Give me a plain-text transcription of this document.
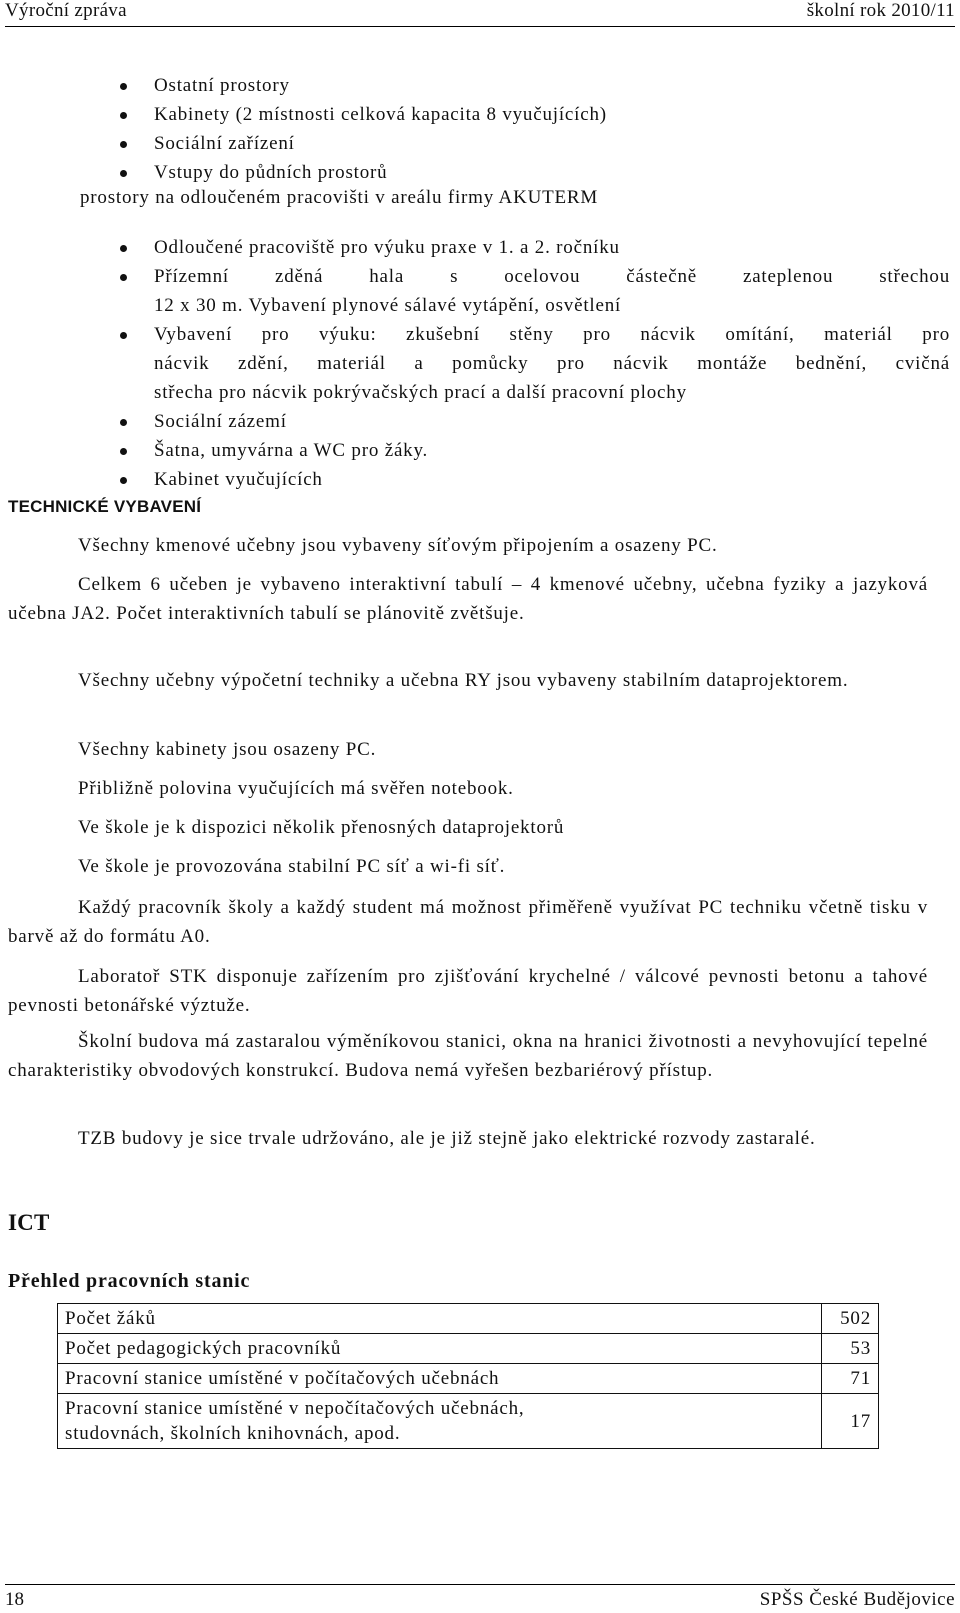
Výroční zpráva	školní rok 2010/11
Ostatní prostory
Kabinety (2 místnosti celková kapacita 8 vyučujících)
Sociální zařízení
Vstupy do půdních prostorů
prostory na odloučeném pracovišti v areálu firmy AKUTERM
Odloučené pracoviště pro výuku praxe v 1. a 2. ročníku
Přízemní zděná hala s ocelovou částečně zateplenou střechou
12 x 30 m. Vybavení plynové sálavé vytápění, osvětlení
Vybavení pro výuku: zkušební stěny pro nácvik omítání, materiál pro
nácvik zdění, materiál a pomůcky pro nácvik montáže bednění, cvičná
střecha pro nácvik pokrývačských prací a další pracovní plochy
Sociální zázemí
Šatna, umyvárna a WC pro žáky.
Kabinet vyučujících
TECHNICKÉ VYBAVENÍ
Všechny kmenové učebny jsou vybaveny síťovým připojením a osazeny PC.
Celkem 6 učeben je vybaveno interaktivní tabulí – 4 kmenové učebny, učebna fyziky a jazyková učebna JA2. Počet interaktivních tabulí se plánovitě zvětšuje.
Všechny učebny výpočetní techniky a učebna RY jsou vybaveny stabilním dataprojektorem.
Všechny kabinety jsou osazeny PC.
Přibližně polovina vyučujících má svěřen notebook.
Ve škole je k dispozici několik přenosných dataprojektorů
Ve škole je provozována stabilní PC síť a wi-fi síť.
Každý pracovník školy a každý student má možnost přiměřeně využívat PC techniku včetně tisku v barvě až do formátu A0.
Laboratoř STK disponuje zařízením pro zjišťování krychelné / válcové pevnosti betonu a tahové pevnosti betonářské výztuže.
Školní budova má zastaralou výměníkovou stanici, okna na hranici životnosti a nevyhovující tepelné charakteristiky obvodových konstrukcí. Budova nemá vyřešen bezbariérový přístup.
TZB budovy je sice trvale udržováno, ale je již stejně jako elektrické rozvody zastaralé.
ICT
Přehled pracovních stanic
Počet žáků	502
Počet pedagogických pracovníků	53
Pracovní stanice umístěné v počítačových učebnách	71

Pracovní stanice umístěné v nepočítačových učebnách,
studovnách, školních knihovnách, apod.	17
18	SPŠS České Budějovice
